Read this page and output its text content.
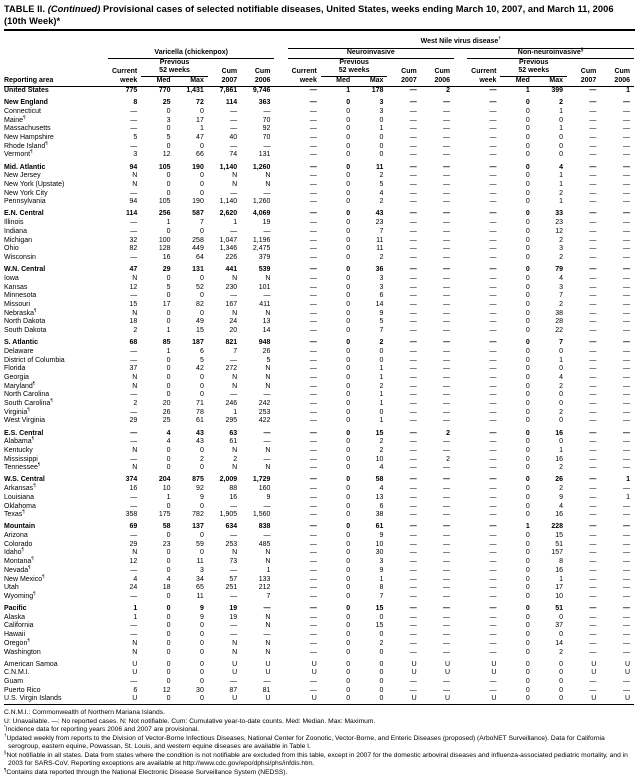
TABLE II. (Continued) Provisional cases of selected notifiable diseases, United States, weeks ending March 10, 2007, and March 11, 2006
(10th Week)*
							West Nile virus disease†
	Varicella (chickenpox)						Neuroinvasive						Non-neuroinvasive§
		Previous						Previous						Previous			
	Current	52 weeks		Cum	Cum		Current	52 weeks		Cum	Cum		Current	52 weeks		Cum	Cum
Reporting area	week	Med	Max	2007	2006		week	Med	Max	2007	2006		week	Med	Max	2007	2006
United States	775	770	1,431	7,861	9,746		—	1	178	—	2		—	1	399	—	1

New England	8	25	72	114	363		—	0	3	—	—		—	0	2	—	—
Connecticut	—	0	0	—	—		—	0	3	—	—		—	0	1	—	—
Maine¶	—	3	17	—	70		—	0	0	—	—		—	0	0	—	—
Massachusetts	—	0	1	—	92		—	0	1	—	—		—	0	1	—	—
New Hampshire	5	5	47	40	70		—	0	0	—	—		—	0	0	—	—
Rhode Island¶	—	0	0	—	—		—	0	0	—	—		—	0	0	—	—
Vermont¶	3	12	66	74	131		—	0	0	—	—		—	0	0	—	—

Mid. Atlantic	94	105	190	1,140	1,260		—	0	11	—	—		—	0	4	—	—
New Jersey	N	0	0	N	N		—	0	2	—	—		—	0	1	—	—
New York (Upstate)	N	0	0	N	N		—	0	5	—	—		—	0	1	—	—
New York City	—	0	0	—	—		—	0	4	—	—		—	0	2	—	—
Pennsylvania	94	105	190	1,140	1,260		—	0	2	—	—		—	0	1	—	—

E.N. Central	114	256	587	2,620	4,069		—	0	43	—	—		—	0	33	—	—
Illinois	—	1	7	1	19		—	0	23	—	—		—	0	23	—	—
Indiana	—	0	0	—	—		—	0	7	—	—		—	0	12	—	—
Michigan	32	100	258	1,047	1,196		—	0	11	—	—		—	0	2	—	—
Ohio	82	128	449	1,346	2,475		—	0	11	—	—		—	0	3	—	—
Wisconsin	—	16	64	226	379		—	0	2	—	—		—	0	2	—	—

W.N. Central	47	29	131	441	539		—	0	36	—	—		—	0	79	—	—
Iowa	N	0	0	N	N		—	0	3	—	—		—	0	4	—	—
Kansas	12	5	52	230	101		—	0	3	—	—		—	0	3	—	—
Minnesota	—	0	0	—	—		—	0	6	—	—		—	0	7	—	—
Missouri	15	17	82	167	411		—	0	14	—	—		—	0	2	—	—
Nebraska¶	N	0	0	N	N		—	0	9	—	—		—	0	38	—	—
North Dakota	18	0	49	24	13		—	0	5	—	—		—	0	28	—	—
South Dakota	2	1	15	20	14		—	0	7	—	—		—	0	22	—	—

S. Atlantic	68	85	187	821	948		—	0	2	—	—		—	0	7	—	—
Delaware	—	1	6	7	26		—	0	0	—	—		—	0	0	—	—
District of Columbia	—	0	5	—	5		—	0	0	—	—		—	0	1	—	—
Florida	37	0	42	272	N		—	0	1	—	—		—	0	0	—	—
Georgia	N	0	0	N	N		—	0	1	—	—		—	0	4	—	—
Maryland¶	N	0	0	N	N		—	0	2	—	—		—	0	2	—	—
North Carolina	—	0	0	—	—		—	0	1	—	—		—	0	0	—	—
South Carolina¶	2	20	71	246	242		—	0	1	—	—		—	0	0	—	—
Virginia¶	—	26	78	1	253		—	0	0	—	—		—	0	2	—	—
West Virginia	29	25	61	295	422		—	0	1	—	—		—	0	0	—	—

E.S. Central	—	4	43	63	—		—	0	15	—	2		—	0	16	—	—
Alabama¶	—	4	43	61	—		—	0	2	—	—		—	0	0	—	—
Kentucky	N	0	0	N	N		—	0	2	—	—		—	0	1	—	—
Mississippi	—	0	2	2	—		—	0	10	—	2		—	0	16	—	—
Tennessee¶	N	0	0	N	N		—	0	4	—	—		—	0	2	—	—

W.S. Central	374	204	875	2,009	1,729		—	0	58	—	—		—	0	26	—	1
Arkansas¶	16	10	92	88	160		—	0	4	—	—		—	0	2	—	—
Louisiana	—	1	9	16	9		—	0	13	—	—		—	0	9	—	1
Oklahoma	—	0	0	—	—		—	0	6	—	—		—	0	4	—	—
Texas¶	358	175	782	1,905	1,560		—	0	38	—	—		—	0	16	—	—

Mountain	69	58	137	634	838		—	0	61	—	—		—	1	228	—	—
Arizona	—	0	0	—	—		—	0	9	—	—		—	0	15	—	—
Colorado	29	23	59	253	485		—	0	10	—	—		—	0	51	—	—
Idaho¶	N	0	0	N	N		—	0	30	—	—		—	0	157	—	—
Montana¶	12	0	11	73	N		—	0	3	—	—		—	0	8	—	—
Nevada¶	—	0	3	—	1		—	0	9	—	—		—	0	16	—	—
New Mexico¶	4	4	34	57	133		—	0	1	—	—		—	0	1	—	—
Utah	24	18	65	251	212		—	0	8	—	—		—	0	17	—	—
Wyoming¶	—	0	11	—	7		—	0	7	—	—		—	0	10	—	—

Pacific	1	0	9	19	—		—	0	15	—	—		—	0	51	—	—
Alaska	1	0	9	19	N		—	0	0	—	—		—	0	0	—	—
California	—	0	0	—	N		—	0	15	—	—		—	0	37	—	—
Hawaii	—	0	0	—	—		—	0	0	—	—		—	0	0	—	—
Oregon¶	N	0	0	N	N		—	0	2	—	—		—	0	14	—	—
Washington	N	0	0	N	N		—	0	0	—	—		—	0	2	—	—

American Samoa	U	0	0	U	U		U	0	0	U	U		U	0	0	U	U
C.N.M.I.	U	0	0	U	U		U	0	0	U	U		U	0	0	U	U
Guam	—	0	0	—	—		—	0	0	—	—		—	0	0	—	—
Puerto Rico	6	12	30	87	81		—	0	0	—	—		—	0	0	—	—
U.S. Virgin Islands	U	0	0	U	U		U	0	0	U	U		U	0	0	U	U
C.N.M.I.: Commonwealth of Northern Mariana Islands.
U: Unavailable. —: No reported cases. N: Not notifiable. Cum: Cumulative year-to-date counts. Med: Median. Max: Maximum.
*Incidence data for reporting years 2006 and 2007 are provisional.
†Updated weekly from reports to the Division of Vector-Borne Infectious Diseases, National Center for Zoonotic, Vector-Borne, and Enteric Diseases (proposed) (ArboNET Surveillance). Data for California serogroup, eastern equine, Powassan, St. Louis, and western equine diseases are available in Table I.
§Not notifiable in all states. Data from states where the condition is not notifiable are excluded from this table, except in 2007 for the domestic arboviral diseases and influenza-associated pediatric mortality, and in 2003 for SARS-CoV. Reporting exceptions are available at http://www.cdc.gov/epo/dphsi/phs/infdis.htm.
¶Contains data reported through the National Electronic Disease Surveillance System (NEDSS).
